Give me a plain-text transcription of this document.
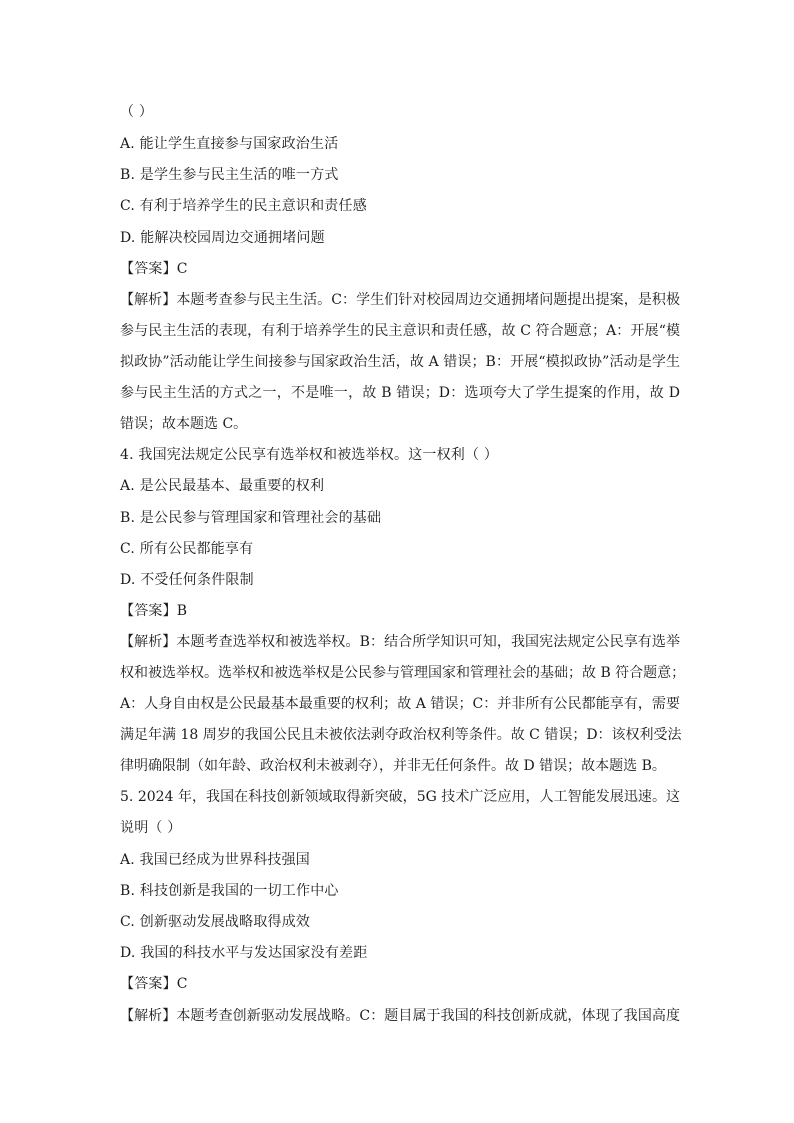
（ ）
A. 能让学生直接参与国家政治生活
B. 是学生参与民主生活的唯一方式
C. 有利于培养学生的民主意识和责任感
D. 能解决校园周边交通拥堵问题
【答案】C
【解析】本题考查参与民主生活。C：学生们针对校园周边交通拥堵问题提出提案，是积极
参与民主生活的表现，有利于培养学生的民主意识和责任感，故 C 符合题意；A：开展“模
拟政协”活动能让学生间接参与国家政治生活，故 A 错误；B：开展“模拟政协”活动是学生
参与民主生活的方式之一，不是唯一，故 B 错误；D：选项夸大了学生提案的作用，故 D
错误；故本题选 C。
4. 我国宪法规定公民享有选举权和被选举权。这一权利（ ）
A. 是公民最基本、最重要的权利
B. 是公民参与管理国家和管理社会的基础
C. 所有公民都能享有
D. 不受任何条件限制
【答案】B
【解析】本题考查选举权和被选举权。B：结合所学知识可知，我国宪法规定公民享有选举
权和被选举权。选举权和被选举权是公民参与管理国家和管理社会的基础；故 B 符合题意；
A：人身自由权是公民最基本最重要的权利；故 A 错误；C：并非所有公民都能享有，需要
满足年满 18 周岁的我国公民且未被依法剥夺政治权利等条件。故 C 错误；D：该权利受法
律明确限制（如年龄、政治权利未被剥夺），并非无任何条件。故 D 错误；故本题选 B。
5. 2024 年，我国在科技创新领域取得新突破，5G 技术广泛应用，人工智能发展迅速。这
说明（ ）
A. 我国已经成为世界科技强国
B. 科技创新是我国的一切工作中心
C. 创新驱动发展战略取得成效
D. 我国的科技水平与发达国家没有差距
【答案】C
【解析】本题考查创新驱动发展战略。C：题目属于我国的科技创新成就，体现了我国高度
